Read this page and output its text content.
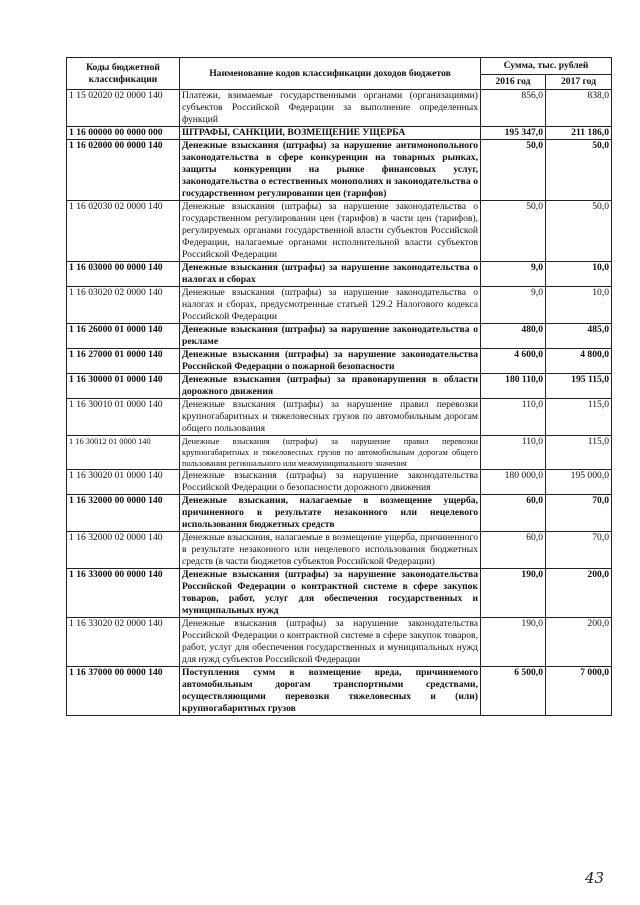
Коды бюджетной классификации	Наименование кодов классификации доходов бюджетов	Сумма, тыс. рублей	
		2016 год	2017 год
1 15 02020 02 0000 140	Платежи, взимаемые государственными органами (организациями) субъектов Российской Федерации за выполнение определенных функций	856,0	838,0
1 16 00000 00 0000 000	ШТРАФЫ, САНКЦИИ, ВОЗМЕЩЕНИЕ УЩЕРБА	195 347,0	211 186,0
1 16 02000 00 0000 140	Денежные взыскания (штрафы) за нарушение антимонопольного законодательства в сфере конкуренции на товарных рынках, защиты конкуренции на рынке финансовых услуг, законодательства о естественных монополиях и законодательства о государственном регулировании цен (тарифов)	50,0	50,0
1 16 02030 02 0000 140	Денежные взыскания (штрафы) за нарушение законодательства о государственном регулировании цен (тарифов) в части цен (тарифов), регулируемых органами государственной власти субъектов Российской Федерации, налагаемые органами исполнительной власти субъектов Российской Федерации	50,0	50,0
1 16 03000 00 0000 140	Денежные взыскания (штрафы) за нарушение законодательства о налогах и сборах	9,0	10,0
1 16 03020 02 0000 140	Денежные взыскания (штрафы) за нарушение законодательства о налогах и сборах, предусмотренные статьей 129.2 Налогового кодекса Российской Федерации	9,0	10,0
1 16 26000 01 0000 140	Денежные взыскания (штрафы) за нарушение законодательства о рекламе	480,0	485,0
1 16 27000 01 0000 140	Денежные взыскания (штрафы) за нарушение законодательства Российской Федерации о пожарной безопасности	4 600,0	4 800,0
1 16 30000 01 0000 140	Денежные взыскания (штрафы) за правонарушения в области дорожного движения	180 110,0	195 115,0
1 16 30010 01 0000 140	Денежные взыскания (штрафы) за нарушение правил перевозки крупногабаритных и тяжеловесных грузов по автомобильным дорогам общего пользования	110,0	115,0
1 16 30012 01 0000 140	Денежные взыскания (штрафы) за нарушение правил перевозки крупногабаритных и тяжеловесных грузов по автомобильным дорогам общего пользования регионального или межмуниципального значения	110,0	115,0
1 16 30020 01 0000 140	Денежные взыскания (штрафы) за нарушение законодательства Российской Федерации о безопасности дорожного движения	180 000,0	195 000,0
1 16 32000 00 0000 140	Денежные взыскания, налагаемые в возмещение ущерба, причиненного в результате незаконного или нецелевого использования бюджетных средств	60,0	70,0
1 16 32000 02 0000 140	Денежные взыскания, налагаемые в возмещение ущерба, причиненного в результате незаконного или нецелевого использования бюджетных средств (в части бюджетов субъектов Российской Федерации)	60,0	70,0
1 16 33000 00 0000 140	Денежные взыскания (штрафы) за нарушение законодательства Российской Федерации о контрактной системе в сфере закупок товаров, работ, услуг для обеспечения государственных и муниципальных нужд	190,0	200,0
1 16 33020 02 0000 140	Денежные взыскания (штрафы) за нарушение законодательства Российской Федерации о контрактной системе в сфере закупок товаров, работ, услуг для обеспечения государственных и муниципальных нужд для нужд субъектов Российской Федерации	190,0	200,0
1 16 37000 00 0000 140	Поступления сумм в возмещение вреда, причиняемого автомобильным дорогам транспортными средствами, осуществляющими перевозки тяжеловесных и (или) крупногабаритных грузов	6 500,0	7 000,0
43
